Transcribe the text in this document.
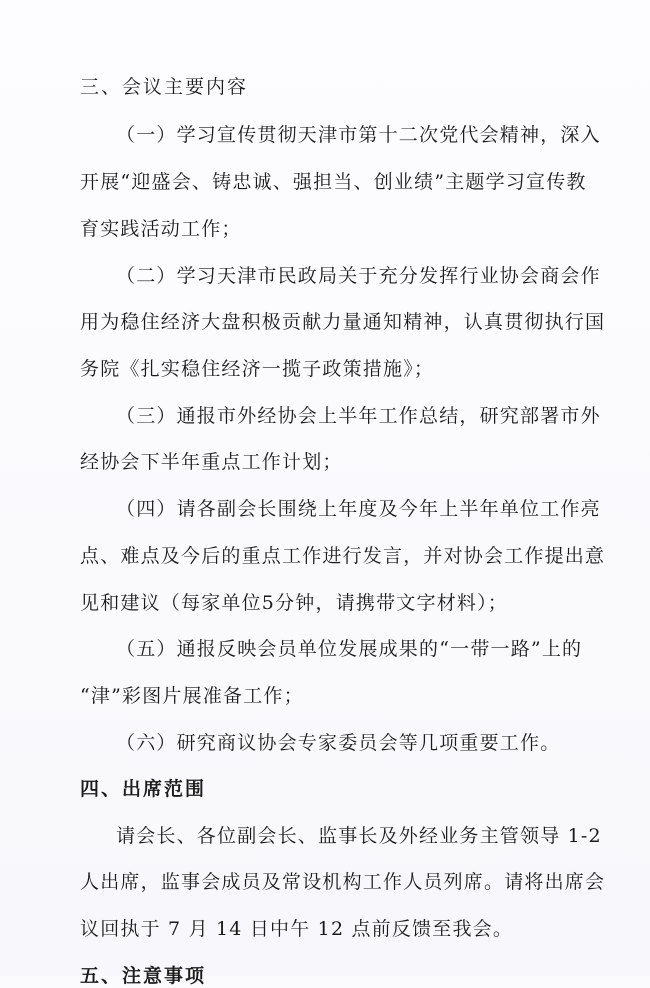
三、会议主要内容
（一）学习宣传贯彻天津市第十二次党代会精神，深入
开展“迎盛会、铸忠诚、强担当、创业绩”主题学习宣传教
育实践活动工作；
（二）学习天津市民政局关于充分发挥行业协会商会作
用为稳住经济大盘积极贡献力量通知精神，认真贯彻执行国
务院《扎实稳住经济一揽子政策措施》；
（三）通报市外经协会上半年工作总结，研究部署市外
经协会下半年重点工作计划；
（四）请各副会长围绕上年度及今年上半年单位工作亮
点、难点及今后的重点工作进行发言，并对协会工作提出意
见和建议（每家单位5分钟，请携带文字材料）；
（五）通报反映会员单位发展成果的“一带一路”上的
“津”彩图片展准备工作；
（六）研究商议协会专家委员会等几项重要工作。
四、出席范围
请会长、各位副会长、监事长及外经业务主管领导 1-2
人出席，监事会成员及常设机构工作人员列席。请将出席会
议回执于 7 月 14 日中午 12 点前反馈至我会。
五、注意事项
